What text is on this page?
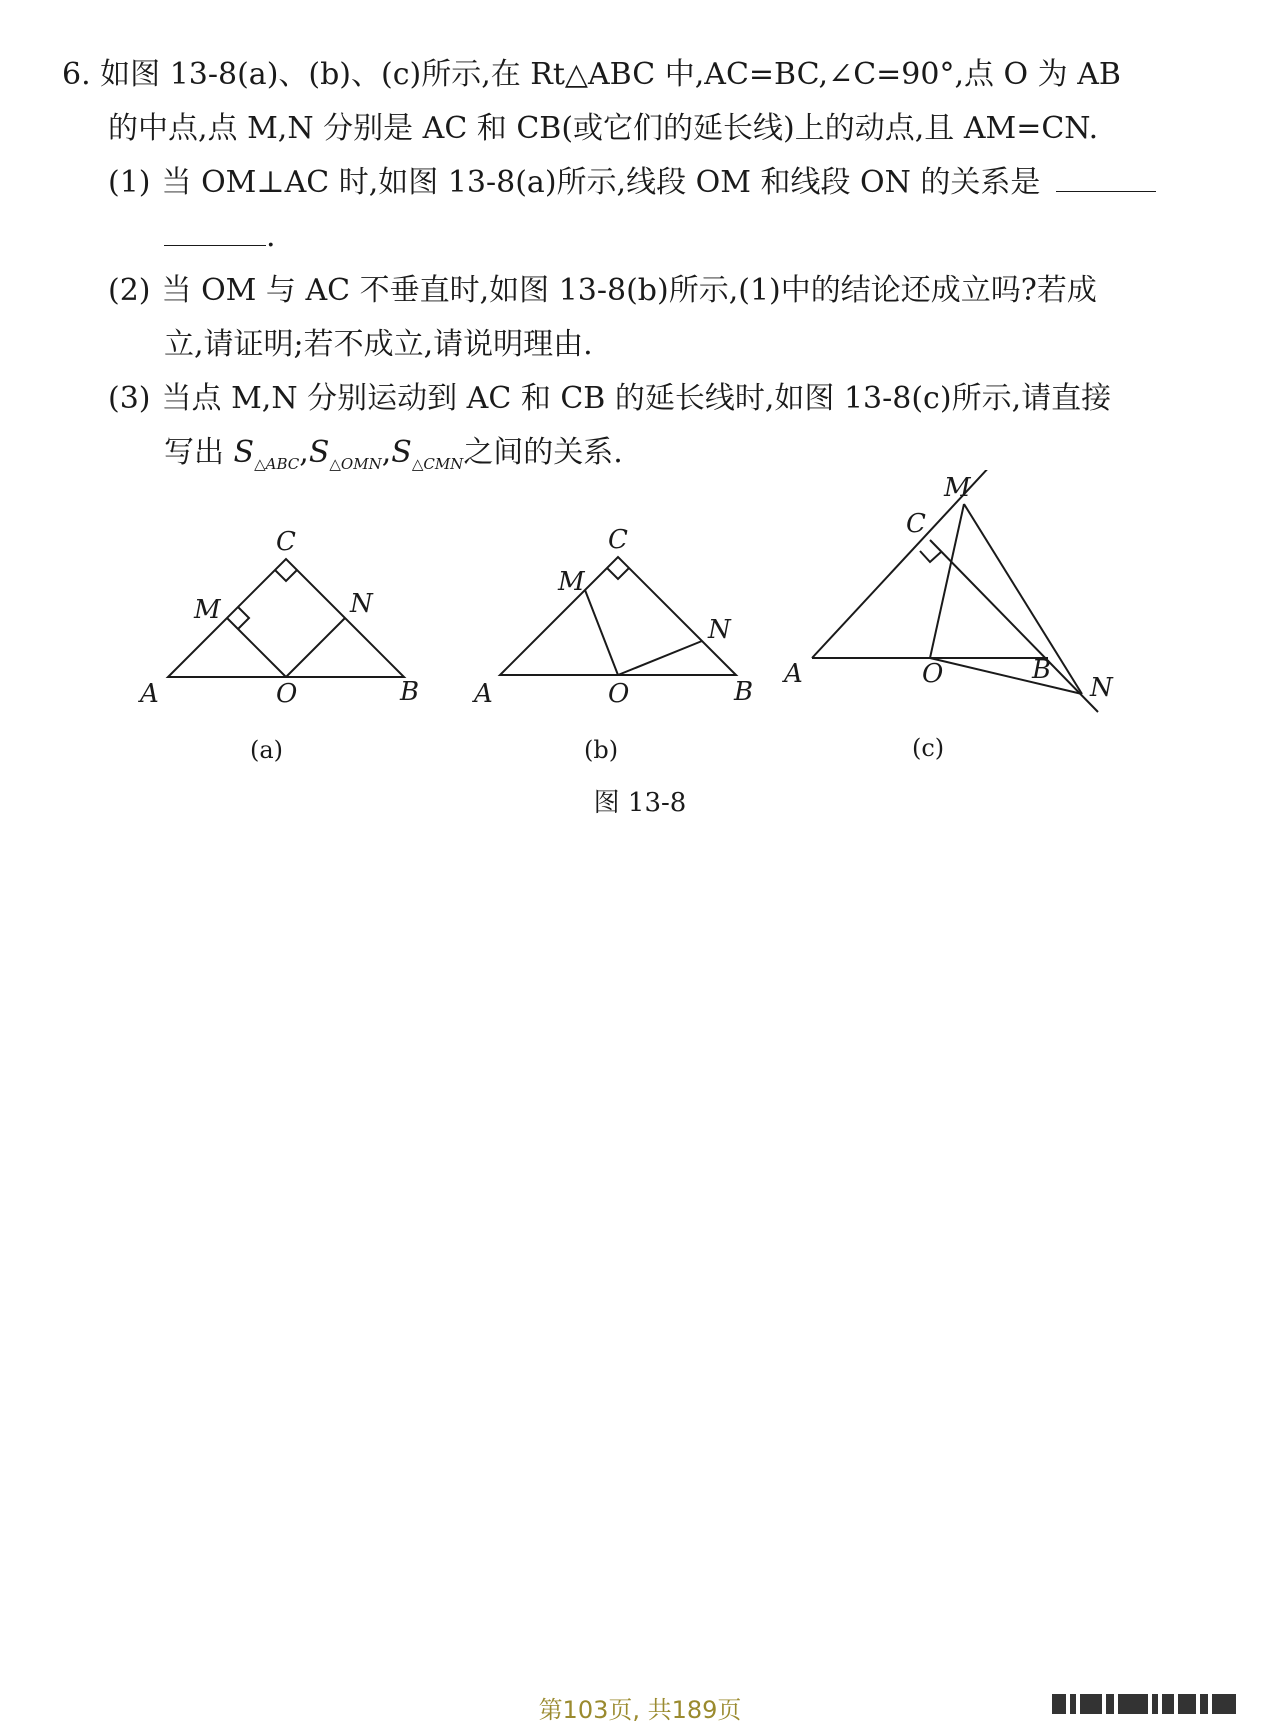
6. 如图 13-8(a)、(b)、(c)所示,在 Rt△ABC 中,AC=BC,∠C=90°,点 O 为 AB
的中点,点 M,N 分别是 AC 和 CB(或它们的延长线)上的动点,且 AM=CN.
(1) 当 OM⊥AC 时,如图 13-8(a)所示,线段 OM 和线段 ON 的关系是
.
(2) 当 OM 与 AC 不垂直时,如图 13-8(b)所示,(1)中的结论还成立吗?若成
立,请证明;若不成立,请说明理由.
(3) 当点 M,N 分别运动到 AC 和 CB 的延长线时,如图 13-8(c)所示,请直接
写出 $S_{\triangle ABC},S_{\triangle OMN},S_{\triangle CMN}$之间的关系.
A	B
C
O
M	N
(a)
A	B
C
O
M
N
(b)
A	B
C
O
M
N
(c)
图 13-8
第103页, 共189页
